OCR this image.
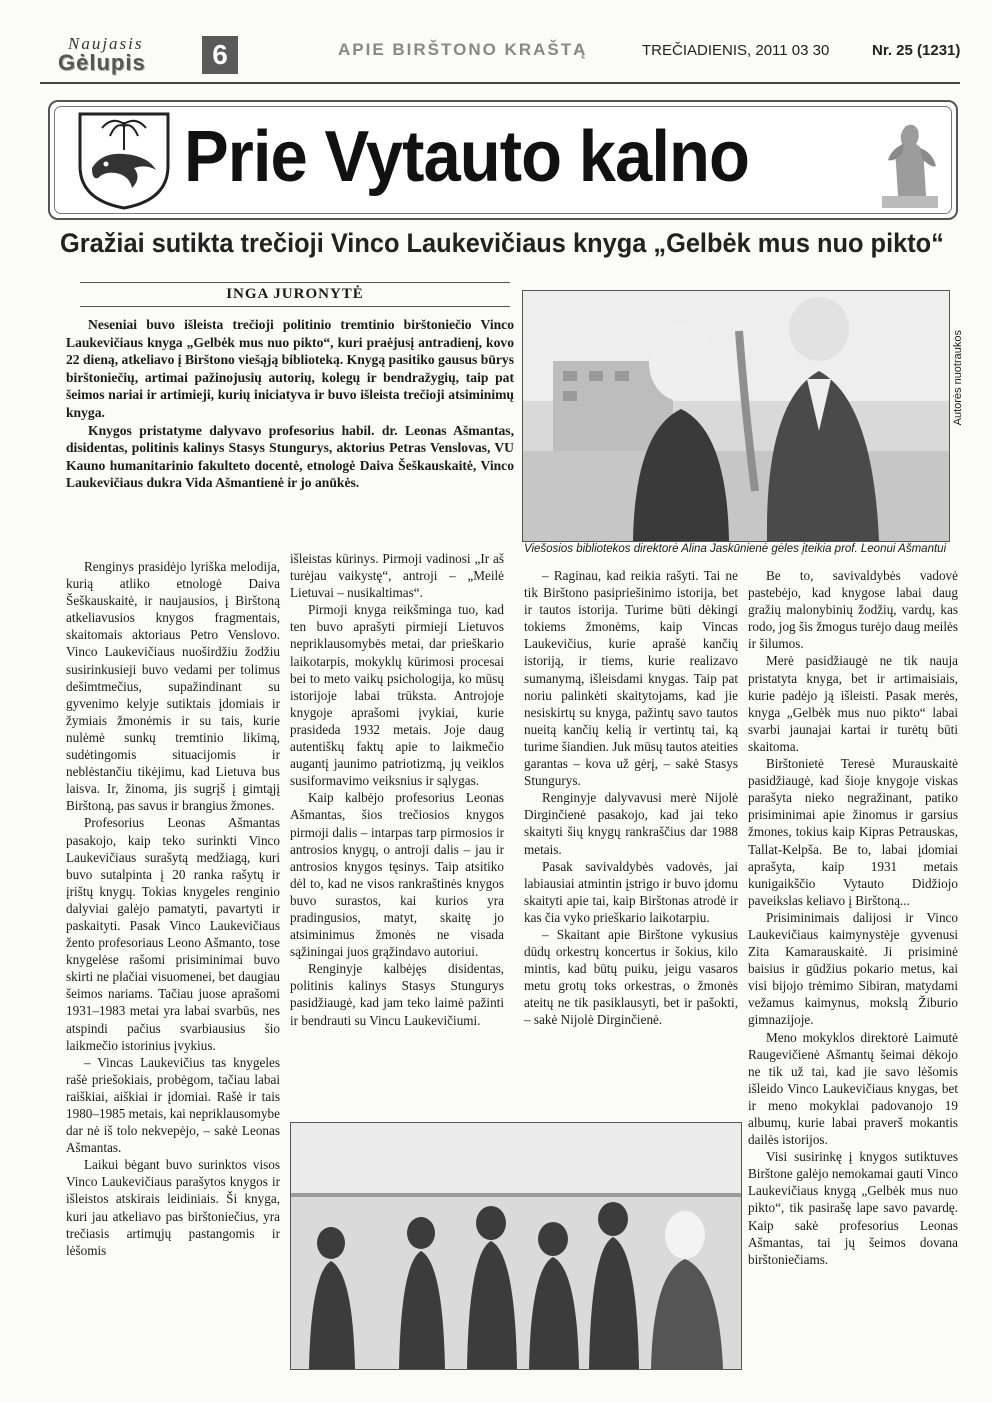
Naujasis
Gėlupis	6	APIE BIRŠTONO KRAŠTĄ	TREČIADIENIS, 2011 03 30	Nr. 25 (1231)
Prie Vytauto kalno
Gražiai sutikta trečioji Vinco Laukevičiaus knyga „Gelbėk mus nuo pikto“
INGA JURONYTĖ

Neseniai buvo išleista trečioji politinio tremtinio birštoniečio Vinco Laukevičiaus knyga „Gelbėk mus nuo pikto“, kuri praėjusį antradienį, kovo 22 dieną, atkeliavo į Birštono viešąją biblioteką. Knygą pasitiko gausus būrys birštoniečių, artimai pažinojusių autorių, kolegų ir bendražygių, taip pat šeimos nariai ir artimieji, kurių iniciatyva ir buvo išleista trečioji atsiminimų knyga.

Knygos pristatyme dalyvavo profesorius habil. dr. Leonas Ašmantas, disidentas, politinis kalinys Stasys Stungurys, aktorius Petras Venslovas, VU Kauno humanitarinio fakulteto docentė, etnologė Daiva Šeškauskaitė, Vinco Laukevičiaus dukra Vida Ašmantienė ir jo anūkės.

Autorės nuotraukos
Viešosios bibliotekos direktorė Alina Jaskūnienė gėles įteikia prof. Leonui Ašmantui

Renginys prasidėjo lyriška melodija, kurią atliko etnologė Daiva Šeškauskaitė, ir naujausios, į Birštoną atkeliavusios knygos fragmentais, skaitomais aktoriaus Petro Venslovo. Vinco Laukevičiaus nuoširdžiu žodžiu susirinkusieji buvo vedami per tolimus dešimtmečius, supažindinant su gyvenimo kelyje sutiktais įdomiais ir žymiais žmonėmis ir su tais, kurie nulėmė sunkų tremtinio likimą, sudėtingomis situacijomis ir neblėstančiu tikėjimu, kad Lietuva bus laisva. Ir, žinoma, jis sugrįš į gimtąjį Birštoną, pas savus ir brangius žmones.

Profesorius Leonas Ašmantas pasakojo, kaip teko surinkti Vinco Laukevičiaus surašytą medžiagą, kuri buvo sutalpinta į 20 ranka rašytų ir įrištų knygų. Tokias knygeles renginio dalyviai galėjo pamatyti, pavartyti ir paskaityti. Pasak Vinco Laukevičiaus žento profesoriaus Leono Ašmanto, tose knygelėse rašomi prisiminimai buvo skirti ne plačiai visuomenei, bet daugiau šeimos nariams. Tačiau juose aprašomi 1931–1983 metai yra labai svarbūs, nes atspindi pačius svarbiausius šio laikmečio istorinius įvykius.

– Vincas Laukevičius tas knygeles rašė priešokiais, probėgom, tačiau labai raiškiai, aiškiai ir įdomiai. Rašė ir tais 1980–1985 metais, kai nepriklausomybe dar nė iš tolo nekvepėjo, – sakė Leonas Ašmantas.

Laikui bėgant buvo surinktos visos Vinco Laukevičiaus parašytos knygos ir išleistos atskirais leidiniais. Ši knyga, kuri jau atkeliavo pas birštoniečius, yra trečiasis artimųjų pastangomis ir lėšomis

išleistas kūrinys. Pirmoji vadinosi „Ir aš turėjau vaikystę“, antroji – „Meilė Lietuvai – nusikaltimas“.

Pirmoji knyga reikšminga tuo, kad ten buvo aprašyti pirmieji Lietuvos nepriklausomybės metai, dar prieškario laikotarpis, mokyklų kūrimosi procesai bei to meto vaikų psichologija, ko mūsų istorijoje labai trūksta. Antrojoje knygoje aprašomi įvykiai, kurie prasideda 1932 metais. Joje daug autentiškų faktų apie to laikmečio augantį jaunimo patriotizmą, jų veiklos susiformavimo veiksnius ir sąlygas.

Kaip kalbėjo profesorius Leonas Ašmantas, šios trečiosios knygos pirmoji dalis – intarpas tarp pirmosios ir antrosios knygų, o antroji dalis – jau ir antrosios knygos tęsinys. Taip atsitiko dėl to, kad ne visos rankraštinės knygos buvo surastos, kai kurios yra pradingusios, matyt, skaitę jo atsiminimus žmonės ne visada sąžiningai juos grąžindavo autoriui.

Renginyje kalbėjęs disidentas, politinis kalinys Stasys Stungurys pasidžiaugė, kad jam teko laimė pažinti ir bendrauti su Vincu Laukevičiumi.

– Raginau, kad reikia rašyti. Tai ne tik Birštono pasipriešinimo istorija, bet ir tautos istorija. Turime būti dėkingi tokiems žmonėms, kaip Vincas Laukevičius, kurie aprašė kančių istoriją, ir tiems, kurie realizavo sumanymą, išleisdami knygas. Taip pat noriu palinkėti skaitytojams, kad jie nesiskirtų su knyga, pažintų savo tautos nueitą kančių kelią ir vertintų tai, ką turime šiandien. Juk mūsų tautos ateities garantas – kova už gėrį, – sakė Stasys Stungurys.

Renginyje dalyvavusi merė Nijolė Dirginčienė pasakojo, kad jai teko skaityti šių knygų rankraščius dar 1988 metais.

Pasak savivaldybės vadovės, jai labiausiai atmintin įstrigo ir buvo įdomu skaityti apie tai, kaip Birštonas atrodė ir kas čia vyko prieškario laikotarpiu.

– Skaitant apie Birštone vykusius dūdų orkestrų koncertus ir šokius, kilo mintis, kad būtų puiku, jeigu vasaros metu grotų toks orkestras, o žmonės ateitų ne tik pasiklausyti, bet ir pašokti, – sakė Nijolė Dirginčienė.

Be to, savivaldybės vadovė pastebėjo, kad knygose labai daug gražių malonybinių žodžių, vardų, kas rodo, jog šis žmogus turėjo daug meilės ir šilumos.

Merė pasidžiaugė ne tik nauja pristatyta knyga, bet ir artimaisiais, kurie padėjo ją išleisti. Pasak merės, knyga „Gelbėk mus nuo pikto“ labai svarbi jaunajai kartai ir turėtų būti skaitoma.

Birštonietė Teresė Murauskaitė pasidžiaugė, kad šioje knygoje viskas parašyta nieko negražinant, patiko prisiminimai apie žinomus ir garsius žmones, tokius kaip Kipras Petrauskas, Tallat-Kelpša. Be to, labai įdomiai aprašyta, kaip 1931 metais kunigaikščio Vytauto Didžiojo paveikslas keliavo į Birštoną...

Prisiminimais dalijosi ir Vinco Laukevičiaus kaimynystėje gyvenusi Zita Kamarauskaitė. Ji prisiminė baisius ir gūdžius pokario metus, kai visi bijojo trėmimo Sibiran, matydami vežamus kaimynus, mokslą Žiburio gimnazijoje.

Meno mokyklos direktorė Laimutė Raugevičienė Ašmantų šeimai dėkojo ne tik už tai, kad jie savo lėšomis išleido Vinco Laukevičiaus knygas, bet ir meno mokyklai padovanojo 19 albumų, kurie labai praverš mokantis dailės istorijos.

Visi susirinkę į knygos sutiktuves Birštone galėjo nemokamai gauti Vinco Laukevičiaus knygą „Gelbėk mus nuo pikto“, tik pasirašę lape savo pavardę. Kaip sakė profesorius Leonas Ašmantas, tai jų šeimos dovana birštoniečiams.
